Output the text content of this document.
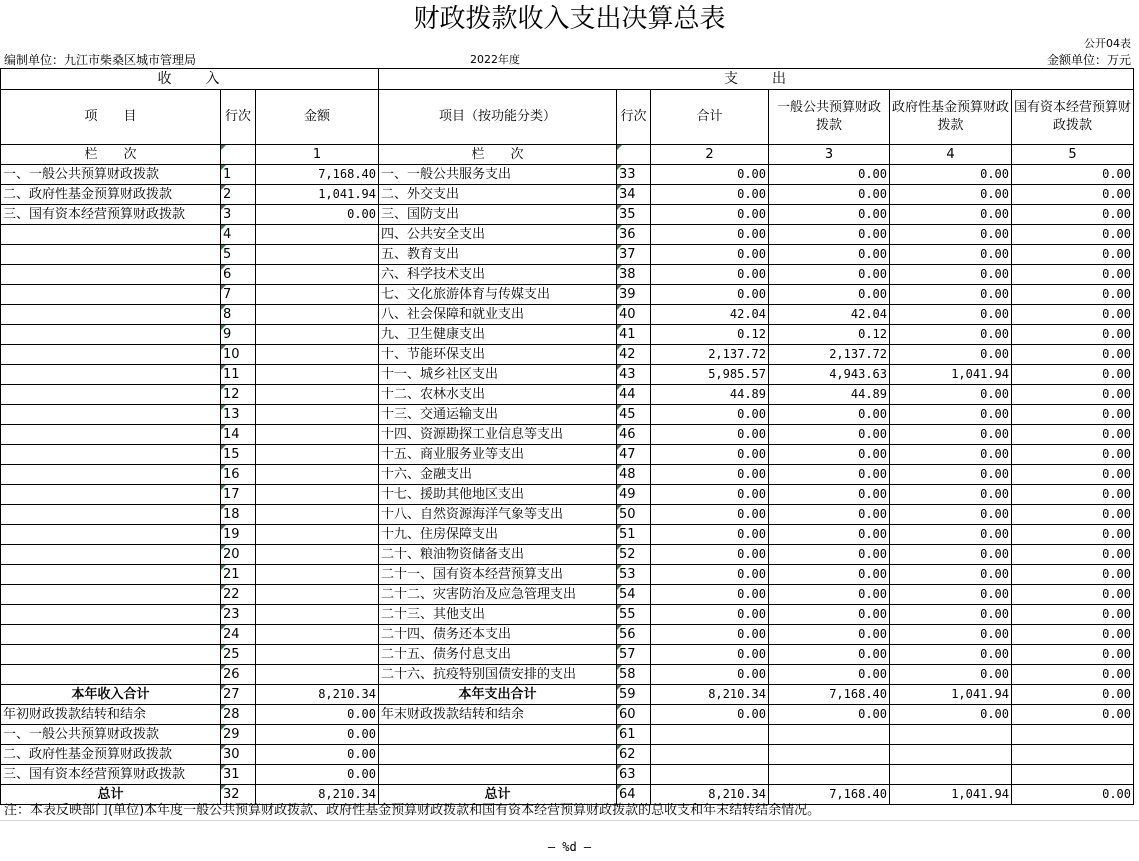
财政拨款收入支出决算总表
公开04表
编制单位：九江市柴桑区城市管理局	2022年度	金额单位：万元
收　　入			支　　出					
项　　目	行次	金额	项目（按功能分类）	行次	合计	一般公共预算财政拨款	政府性基金预算财政拨款	国有资本经营预算财政拨款
栏　　次		1	栏　　次		2	3	4	5
一、一般公共预算财政拨款	1	7,168.40	一、一般公共服务支出	33	0.00	0.00	0.00	0.00
二、政府性基金预算财政拨款	2	1,041.94	二、外交支出	34	0.00	0.00	0.00	0.00
三、国有资本经营预算财政拨款	3	0.00	三、国防支出	35	0.00	0.00	0.00	0.00
	4		四、公共安全支出	36	0.00	0.00	0.00	0.00
	5		五、教育支出	37	0.00	0.00	0.00	0.00
	6		六、科学技术支出	38	0.00	0.00	0.00	0.00
	7		七、文化旅游体育与传媒支出	39	0.00	0.00	0.00	0.00
	8		八、社会保障和就业支出	40	42.04	42.04	0.00	0.00
	9		九、卫生健康支出	41	0.12	0.12	0.00	0.00
	10		十、节能环保支出	42	2,137.72	2,137.72	0.00	0.00
	11		十一、城乡社区支出	43	5,985.57	4,943.63	1,041.94	0.00
	12		十二、农林水支出	44	44.89	44.89	0.00	0.00
	13		十三、交通运输支出	45	0.00	0.00	0.00	0.00
	14		十四、资源勘探工业信息等支出	46	0.00	0.00	0.00	0.00
	15		十五、商业服务业等支出	47	0.00	0.00	0.00	0.00
	16		十六、金融支出	48	0.00	0.00	0.00	0.00
	17		十七、援助其他地区支出	49	0.00	0.00	0.00	0.00
	18		十八、自然资源海洋气象等支出	50	0.00	0.00	0.00	0.00
	19		十九、住房保障支出	51	0.00	0.00	0.00	0.00
	20		二十、粮油物资储备支出	52	0.00	0.00	0.00	0.00
	21		二十一、国有资本经营预算支出	53	0.00	0.00	0.00	0.00
	22		二十二、灾害防治及应急管理支出	54	0.00	0.00	0.00	0.00
	23		二十三、其他支出	55	0.00	0.00	0.00	0.00
	24		二十四、债务还本支出	56	0.00	0.00	0.00	0.00
	25		二十五、债务付息支出	57	0.00	0.00	0.00	0.00
	26		二十六、抗疫特别国债安排的支出	58	0.00	0.00	0.00	0.00
本年收入合计	27	8,210.34	本年支出合计	59	8,210.34	7,168.40	1,041.94	0.00
年初财政拨款结转和结余	28	0.00	年末财政拨款结转和结余	60	0.00	0.00	0.00	0.00
一、一般公共预算财政拨款	29	0.00		61				
二、政府性基金预算财政拨款	30	0.00		62				
三、国有资本经营预算财政拨款	31	0.00		63				
总计	32	8,210.34	总计	64	8,210.34	7,168.40	1,041.94	0.00
注：本表反映部门(单位)本年度一般公共预算财政拨款、政府性基金预算财政拨款和国有资本经营预算财政拨款的总收支和年末结转结余情况。
— %d —
